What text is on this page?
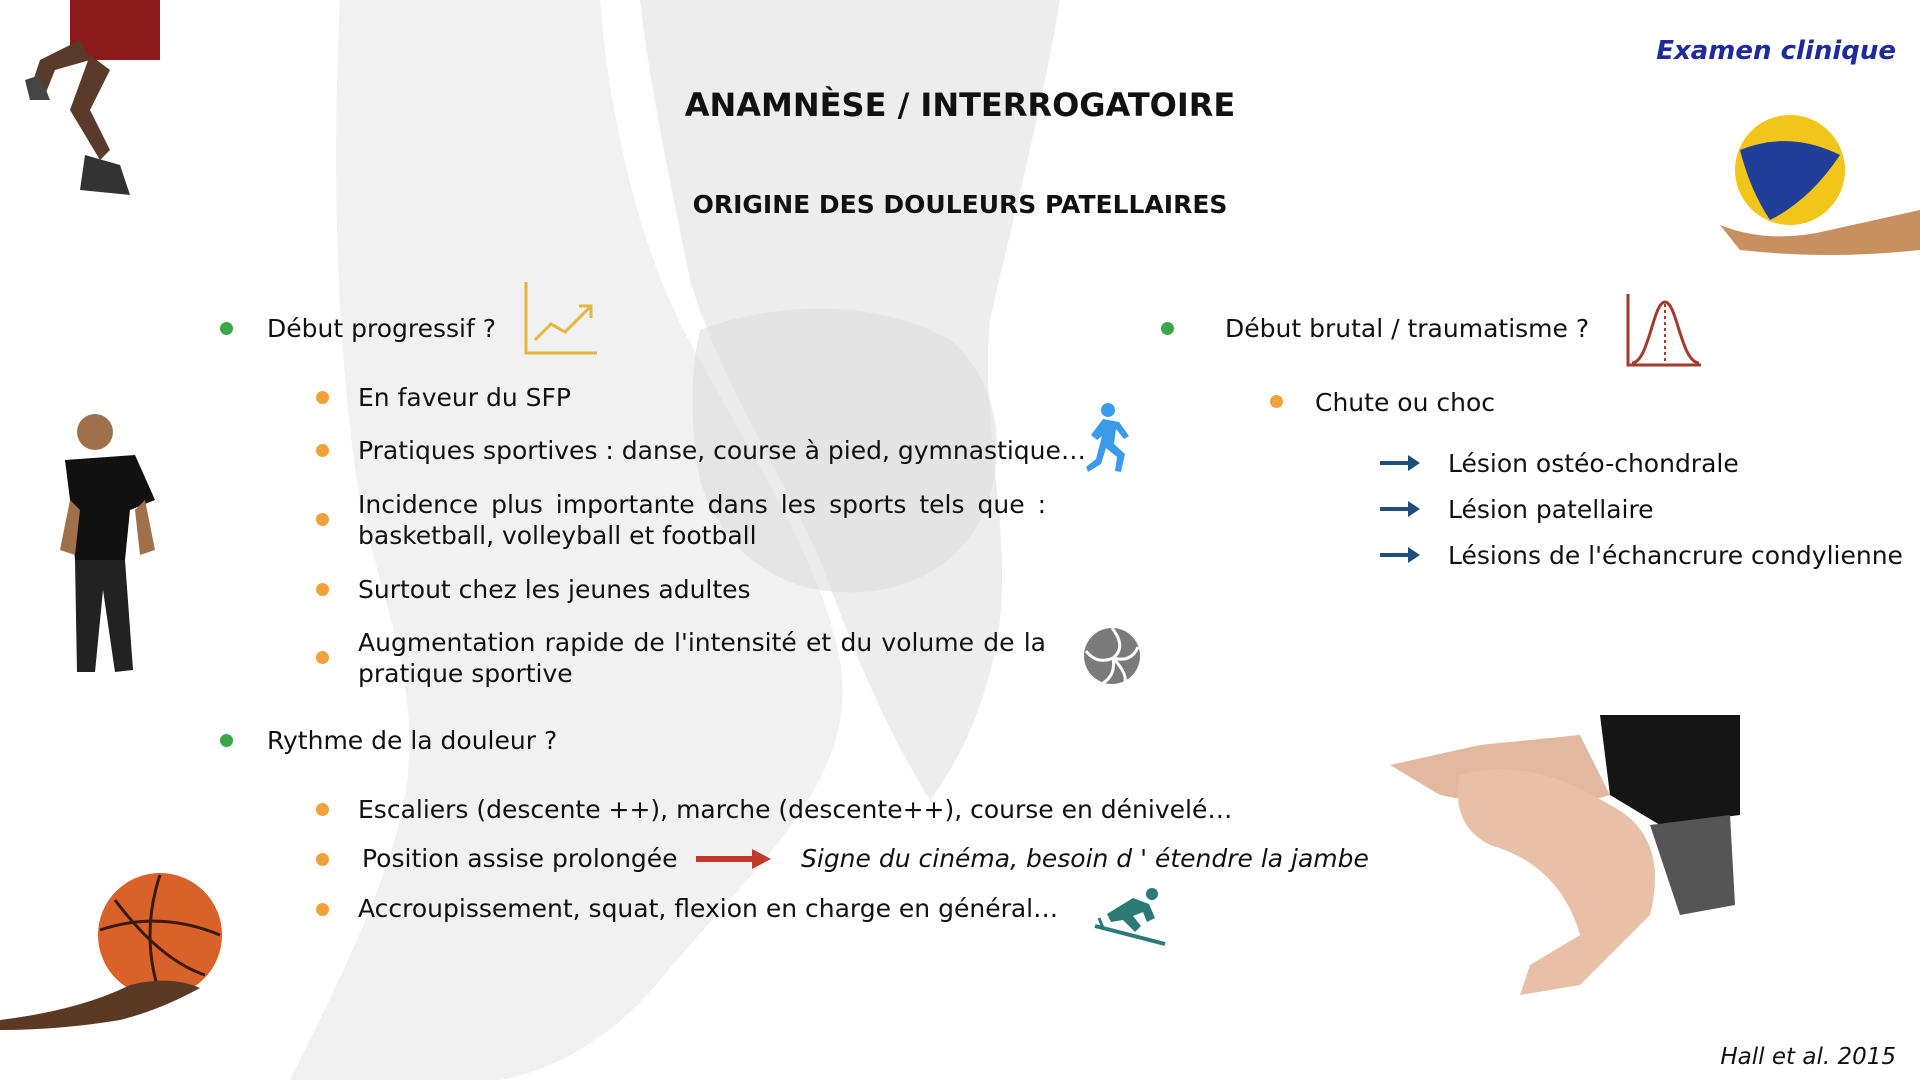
Examen clinique
ANAMNÈSE / INTERROGATOIRE
ORIGINE DES DOULEURS PATELLAIRES
Début progressif ?
En faveur du SFP
Pratiques sportives : danse, course à pied, gymnastique…
Incidence plus importante dans les sports tels que : basketball, volleyball et football
Surtout chez les jeunes adultes
Augmentation rapide de l'intensité et du volume de la pratique sportive
Rythme de la douleur ?
Escaliers (descente ++), marche (descente++), course en dénivelé…
Position assise prolongée	Signe du cinéma, besoin d ' étendre la jambe
Accroupissement, squat, flexion en charge en général…
Début brutal / traumatisme ?
Chute ou choc
Lésion ostéo-chondrale
Lésion patellaire
Lésions de l'échancrure condylienne
Hall et al. 2015
